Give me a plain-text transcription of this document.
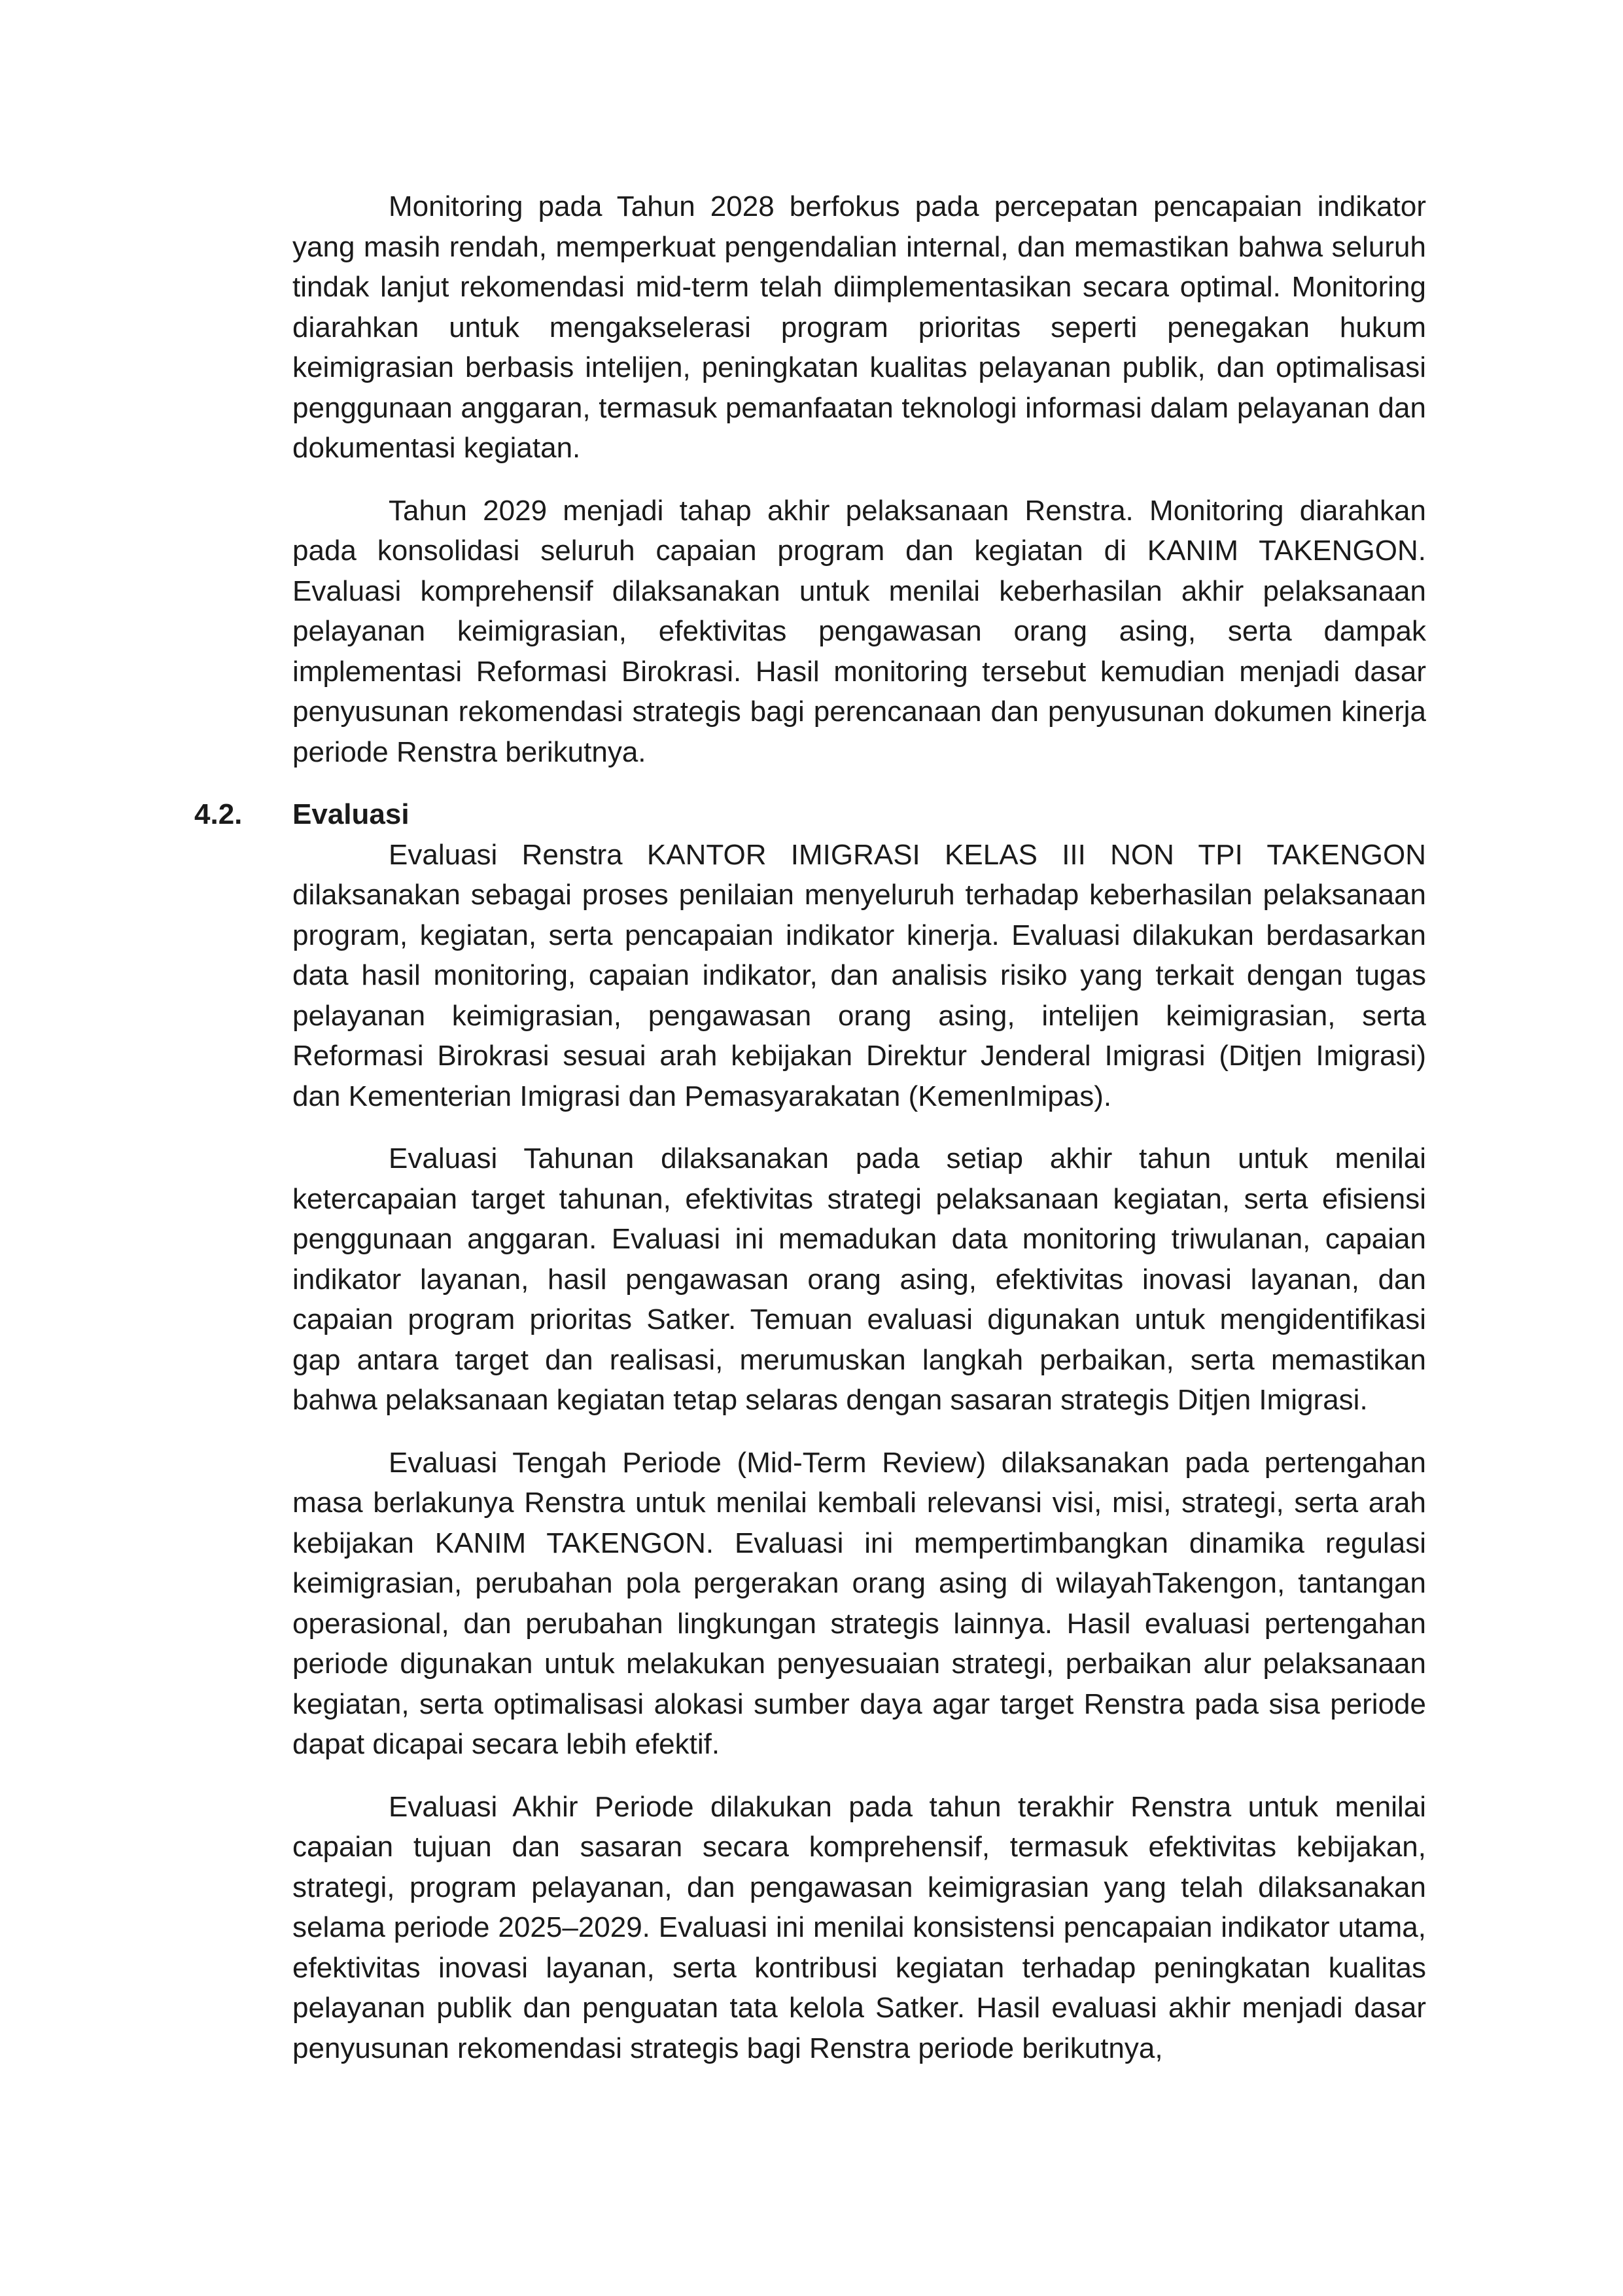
Monitoring pada Tahun 2028 berfokus pada percepatan pencapaian indikator yang masih rendah, memperkuat pengendalian internal, dan memastikan bahwa seluruh tindak lanjut rekomendasi mid-term telah diimplementasikan secara optimal. Monitoring diarahkan untuk mengakselerasi program prioritas seperti penegakan hukum keimigrasian berbasis intelijen, peningkatan kualitas pelayanan publik, dan optimalisasi penggunaan anggaran, termasuk pemanfaatan teknologi informasi dalam pelayanan dan dokumentasi kegiatan.

Tahun 2029 menjadi tahap akhir pelaksanaan Renstra. Monitoring diarahkan pada konsolidasi seluruh capaian program dan kegiatan di KANIM TAKENGON. Evaluasi komprehensif dilaksanakan untuk menilai keberhasilan akhir pelaksanaan pelayanan keimigrasian, efektivitas pengawasan orang asing, serta dampak implementasi Reformasi Birokrasi. Hasil monitoring tersebut kemudian menjadi dasar penyusunan rekomendasi strategis bagi perencanaan dan penyusunan dokumen kinerja periode Renstra berikutnya.

4.2. Evaluasi

Evaluasi Renstra KANTOR IMIGRASI KELAS III NON TPI TAKENGON dilaksanakan sebagai proses penilaian menyeluruh terhadap keberhasilan pelaksanaan program, kegiatan, serta pencapaian indikator kinerja. Evaluasi dilakukan berdasarkan data hasil monitoring, capaian indikator, dan analisis risiko yang terkait dengan tugas pelayanan keimigrasian, pengawasan orang asing, intelijen keimigrasian, serta Reformasi Birokrasi sesuai arah kebijakan Direktur Jenderal Imigrasi (Ditjen Imigrasi) dan Kementerian Imigrasi dan Pemasyarakatan (KemenImipas).

Evaluasi Tahunan dilaksanakan pada setiap akhir tahun untuk menilai ketercapaian target tahunan, efektivitas strategi pelaksanaan kegiatan, serta efisiensi penggunaan anggaran. Evaluasi ini memadukan data monitoring triwulanan, capaian indikator layanan, hasil pengawasan orang asing, efektivitas inovasi layanan, dan capaian program prioritas Satker. Temuan evaluasi digunakan untuk mengidentifikasi gap antara target dan realisasi, merumuskan langkah perbaikan, serta memastikan bahwa pelaksanaan kegiatan tetap selaras dengan sasaran strategis Ditjen Imigrasi.

Evaluasi Tengah Periode (Mid-Term Review) dilaksanakan pada pertengahan masa berlakunya Renstra untuk menilai kembali relevansi visi, misi, strategi, serta arah kebijakan KANIM TAKENGON. Evaluasi ini mempertimbangkan dinamika regulasi keimigrasian, perubahan pola pergerakan orang asing di wilayahTakengon, tantangan operasional, dan perubahan lingkungan strategis lainnya. Hasil evaluasi pertengahan periode digunakan untuk melakukan penyesuaian strategi, perbaikan alur pelaksanaan kegiatan, serta optimalisasi alokasi sumber daya agar target Renstra pada sisa periode dapat dicapai secara lebih efektif.

Evaluasi Akhir Periode dilakukan pada tahun terakhir Renstra untuk menilai capaian tujuan dan sasaran secara komprehensif, termasuk efektivitas kebijakan, strategi, program pelayanan, dan pengawasan keimigrasian yang telah dilaksanakan selama periode 2025–2029. Evaluasi ini menilai konsistensi pencapaian indikator utama, efektivitas inovasi layanan, serta kontribusi kegiatan terhadap peningkatan kualitas pelayanan publik dan penguatan tata kelola Satker. Hasil evaluasi akhir menjadi dasar penyusunan rekomendasi strategis bagi Renstra periode berikutnya,
